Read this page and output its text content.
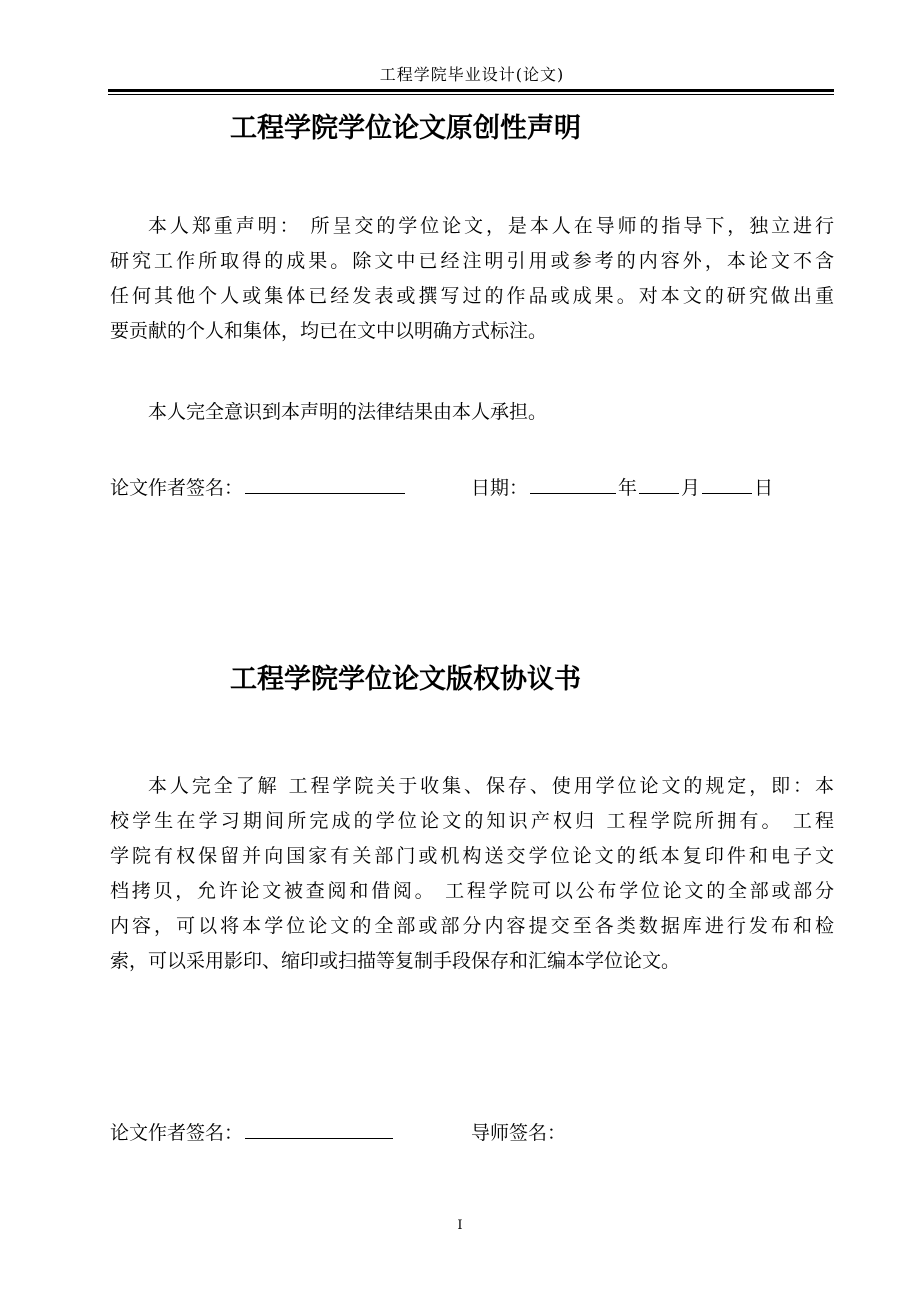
工程学院毕业设计(论文)
工程学院学位论文原创性声明

本人郑重声明： 所呈交的学位论文，是本人在导师的指导下，独立进行

研究工作所取得的成果。除文中已经注明引用或参考的内容外，本论文不含

任何其他个人或集体已经发表或撰写过的作品或成果。对本文的研究做出重

要贡献的个人和集体，均已在文中以明确方式标注。

本人完全意识到本声明的法律结果由本人承担。
论文作者签名：	日期：	年 月	日
工程学院学位论文版权协议书

本人完全了解 工程学院关于收集、保存、使用学位论文的规定，即：本

校学生在学习期间所完成的学位论文的知识产权归 工程学院所拥有。 工程

学院有权保留并向国家有关部门或机构送交学位论文的纸本复印件和电子文

档拷贝，允许论文被查阅和借阅。 工程学院可以公布学位论文的全部或部分

内容，可以将本学位论文的全部或部分内容提交至各类数据库进行发布和检

索，可以采用影印、缩印或扫描等复制手段保存和汇编本学位论文。

论文作者签名：	导师签名：
I
